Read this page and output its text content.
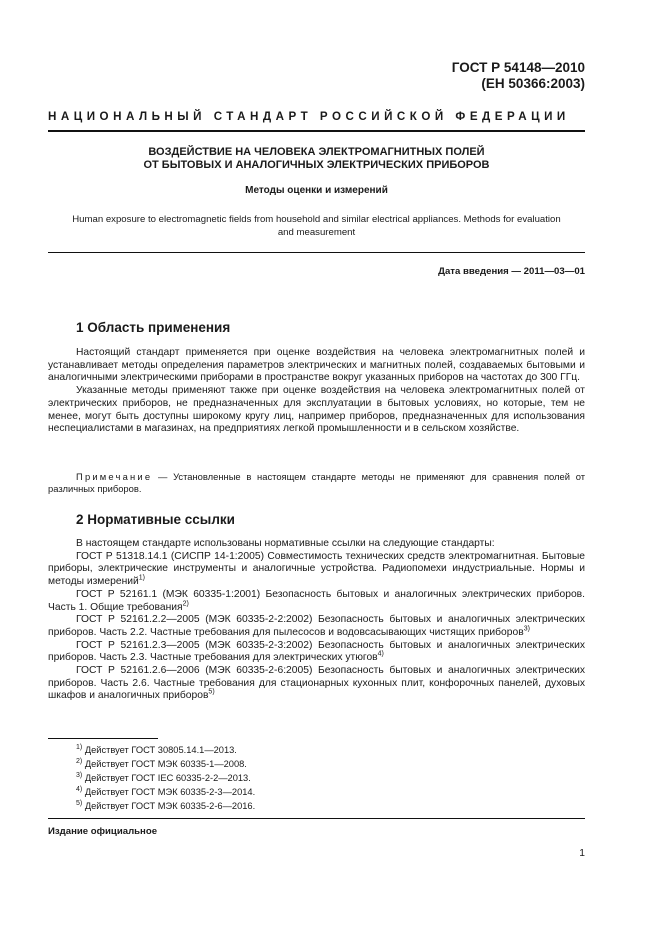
ГОСТ Р 54148—2010
(ЕН 50366:2003)
НАЦИОНАЛЬНЫЙ СТАНДАРТ РОССИЙСКОЙ ФЕДЕРАЦИИ
ВОЗДЕЙСТВИЕ НА ЧЕЛОВЕКА ЭЛЕКТРОМАГНИТНЫХ ПОЛЕЙ
ОТ БЫТОВЫХ И АНАЛОГИЧНЫХ ЭЛЕКТРИЧЕСКИХ ПРИБОРОВ
Методы оценки и измерений
Human exposure to electromagnetic fields from household and similar electrical appliances. Methods for evaluation
and measurement
Дата введения — 2011—03—01
1 Область применения

Настоящий стандарт применяется при оценке воздействия на человека электромагнитных полей и устанавливает методы определения параметров электрических и магнитных полей, создаваемых бытовыми и аналогичными электрическими приборами в пространстве вокруг указанных приборов на частотах до 300 ГГц.

Указанные методы применяют также при оценке воздействия на человека электромагнитных полей от электрических приборов, не предназначенных для эксплуатации в бытовых условиях, но которые, тем не менее, могут быть доступны широкому кругу лиц, например приборов, предназначенных для использования неспециалистами в магазинах, на предприятиях легкой промышленности и в сельском хозяйстве.

Примечание — Установленные в настоящем стандарте методы не применяют для сравнения полей от различных приборов.
2 Нормативные ссылки

В настоящем стандарте использованы нормативные ссылки на следующие стандарты:

ГОСТ Р 51318.14.1 (СИСПР 14-1:2005) Совместимость технических средств электромагнитная. Бытовые приборы, электрические инструменты и аналогичные устройства. Радиопомехи индустриальные. Нормы и методы измерений$^{1)}$

ГОСТ Р 52161.1 (МЭК 60335-1:2001) Безопасность бытовых и аналогичных электрических приборов. Часть 1. Общие требования$^{2)}$

ГОСТ Р 52161.2.2—2005 (МЭК 60335-2-2:2002) Безопасность бытовых и аналогичных электрических приборов. Часть 2.2. Частные требования для пылесосов и водовсасывающих чистящих приборов$^{3)}$

ГОСТ Р 52161.2.3—2005 (МЭК 60335-2-3:2002) Безопасность бытовых и аналогичных электрических приборов. Часть 2.3. Частные требования для электрических утюгов$^{4)}$

ГОСТ Р 52161.2.6—2006 (МЭК 60335-2-6:2005) Безопасность бытовых и аналогичных электрических приборов. Часть 2.6. Частные требования для стационарных кухонных плит, конфорочных панелей, духовых шкафов и аналогичных приборов$^{5)}$

$^{1)}$ Действует ГОСТ 30805.14.1—2013.
$^{2)}$ Действует ГОСТ МЭК 60335-1—2008.
$^{3)}$ Действует ГОСТ IEC 60335-2-2—2013.
$^{4)}$ Действует ГОСТ МЭК 60335-2-3—2014.
$^{5)}$ Действует ГОСТ МЭК 60335-2-6—2016.
Издание официальное
1
